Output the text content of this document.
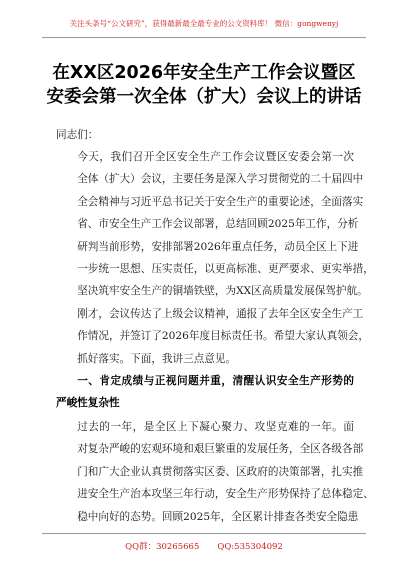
关注头条号“公文研究”，获得最新最全最专业的公文资料库！ 微信：gongwenyj
在XX区2026年安全生产工作会议暨区
安委会第一次全体（扩大）会议上的讲话
同志们：
今天，我们召开全区安全生产工作会议暨区安委会第一次
全体（扩大）会议，主要任务是深入学习贯彻党的二十届四中
全会精神与习近平总书记关于安全生产的重要论述，全面落实
省、市安全生产工作会议部署，总结回顾2025年工作，分析
研判当前形势，安排部署2026年重点任务，动员全区上下进
一步统一思想、压实责任，以更高标准、更严要求、更实举措，
坚决筑牢安全生产的铜墙铁壁，为XX区高质量发展保驾护航。
刚才，会议传达了上级会议精神，通报了去年全区安全生产工
作情况，并签订了2026年度目标责任书。希望大家认真领会，
抓好落实。下面，我讲三点意见。
一、肯定成绩与正视问题并重，清醒认识安全生产形势的
严峻性复杂性
过去的一年，是全区上下凝心聚力、攻坚克难的一年。面
对复杂严峻的宏观环境和艰巨繁重的发展任务，全区各级各部
门和广大企业认真贯彻落实区委、区政府的决策部署，扎实推
进安全生产治本攻坚三年行动，安全生产形势保持了总体稳定、
稳中向好的态势。回顾2025年，全区累计排查各类安全隐患
QQ群：30265665 QQ:535304092
